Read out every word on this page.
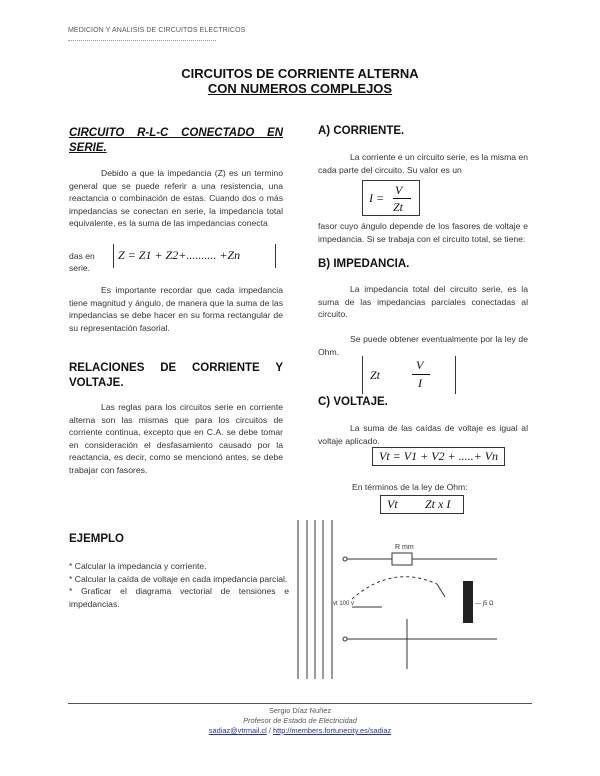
MEDICION Y ANALISIS DE CIRCUITOS ELECTRICOS
CIRCUITOS DE CORRIENTE ALTERNA
CON NUMEROS COMPLEJOS
CIRCUITO R-L-C CONECTADO EN SERIE.
Debido a que la impedancia (Z) es un termino general que se puede referir a una resistencia, una reactancia o combinación de estas. Cuando dos o más impedancias se conectan en serie, la impedancia total equivalente, es la suma de las impedancias conecta
das en
serie.
Z = Z1 + Z2+.......... +Zn
Es importante recordar que cada impedancia tiene magnitud y ángulo, de manera que la suma de las impedancias se debe hacer en su forma rectangular de su representación fasorial.
RELACIONES DE CORRIENTE Y VOLTAJE.
Las reglas para los circuitos serie en corriente alterna son las mismas que para los circuitos de corriente continua, excepto que en C.A. se debe tomar en consideración el desfasamiento causado por la reactancia, es decir, como se mencionó antes, se debe trabajar con fasores.
EJEMPLO
* Calcular la impedancia y corriente.
* Calcular la caída de voltaje en cada impedancia parcial.
* Graficar el diagrama vectorial de tensiones e impedancias.
A) CORRIENTE.
La corriente e un circuito serie, es la misma en cada parte del circuito. Su valor es un
I =
V
Zt
fasor cuyo ángulo depende de los fasores de voltaje e impedancia. Si se trabaja con el circuito total, se tiene:
B) IMPEDANCIA.
La impedancia total del circuito serie, es la suma de las impedancias parciales conectadas al circuito.
Se puede obtener eventualmente por la ley de Ohm.
Zt
V
I
C) VOLTAJE.
La suma de las caídas de voltaje es igual al voltaje aplicado.
Vt = V1 + V2 + .....+ Vn
En términos de la ley de Ohm:
Vt Zt x I
R mm
vt 100 v	— j5 Ω
Sergio Díaz Nuñez
Profesor de Estado de Electricidad
sadiaz@vtrmail.cl / http://members.fortunecity.es/sadiaz
